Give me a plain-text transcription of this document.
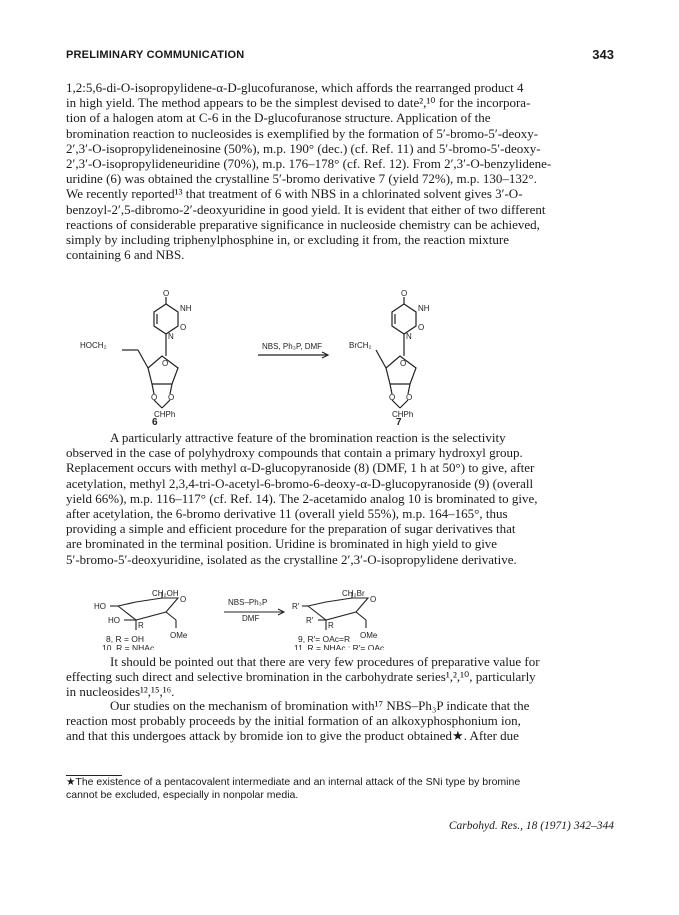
PRELIMINARY COMMUNICATION	343
1,2:5,6-di-O-isopropylidene-α-D-glucofuranose, which affords the rearranged product 4
in high yield. The method appears to be the simplest devised to date²,¹⁰ for the incorpora-
tion of a halogen atom at C-6 in the D-glucofuranose structure. Application of the
bromination reaction to nucleosides is exemplified by the formation of 5′-bromo-5′-deoxy-
2′,3′-O-isopropylideneinosine (50%), m.p. 190° (dec.) (cf. Ref. 11) and 5′-bromo-5′-deoxy-
2′,3′-O-isopropylideneuridine (70%), m.p. 176–178° (cf. Ref. 12). From 2′,3′-O-benzylidene-
uridine (6) was obtained the crystalline 5′-bromo derivative 7 (yield 72%), m.p. 130–132°.
We recently reported¹³ that treatment of 6 with NBS in a chlorinated solvent gives 3′-O-
benzoyl-2′,5-dibromo-2′-deoxyuridine in good yield. It is evident that either of two different
reactions of considerable preparative significance in nucleoside chemistry can be achieved,
simply by including triphenylphosphine in, or excluding it from, the reaction mixture
containing 6 and NBS.
O
NH
O
N
HOCH₂
O
O O
CHPh
NBS, Ph₃P, DMF
O
NH
O
N
BrCH₂
O
O O
CHPh
6	7
A particularly attractive feature of the bromination reaction is the selectivity
observed in the case of polyhydroxy compounds that contain a primary hydroxyl group.
Replacement occurs with methyl α-D-glucopyranoside (8) (DMF, 1 h at 50°) to give, after
acetylation, methyl 2,3,4-tri-O-acetyl-6-bromo-6-deoxy-α-D-glucopyranoside (9) (overall
yield 66%), m.p. 116–117° (cf. Ref. 14). The 2-acetamido analog 10 is brominated to give,
after acetylation, the 6-bromo derivative 11 (overall yield 55%), m.p. 164–165°, thus
providing a simple and efficient procedure for the preparation of sugar derivatives that
are brominated in the terminal position. Uridine is brominated in high yield to give
5′-bromo-5′-deoxyuridine, isolated as the crystalline 2′,3′-O-isopropylidene derivative.
CH₂OH
O
HO
HO
R
OMe
NBS–Ph₃P
DMF
CH₂Br
O
R′
R′
R
OMe
8, R = OH
10, R = NHAc
9, R′= OAc=R
11, R = NHAc ; R′= OAc
It should be pointed out that there are very few procedures of preparative value for
effecting such direct and selective bromination in the carbohydrate series¹,²,¹⁰, particularly
in nucleosides¹²,¹⁵,¹⁶.
Our studies on the mechanism of bromination with¹⁷ NBS–Ph₃P indicate that the
reaction most probably proceeds by the initial formation of an alkoxyphosphonium ion,
and that this undergoes attack by bromide ion to give the product obtained★. After due
★The existence of a pentacovalent intermediate and an internal attack of the SNi type by bromine
cannot be excluded, especially in nonpolar media.
Carbohyd. Res., 18 (1971) 342–344
